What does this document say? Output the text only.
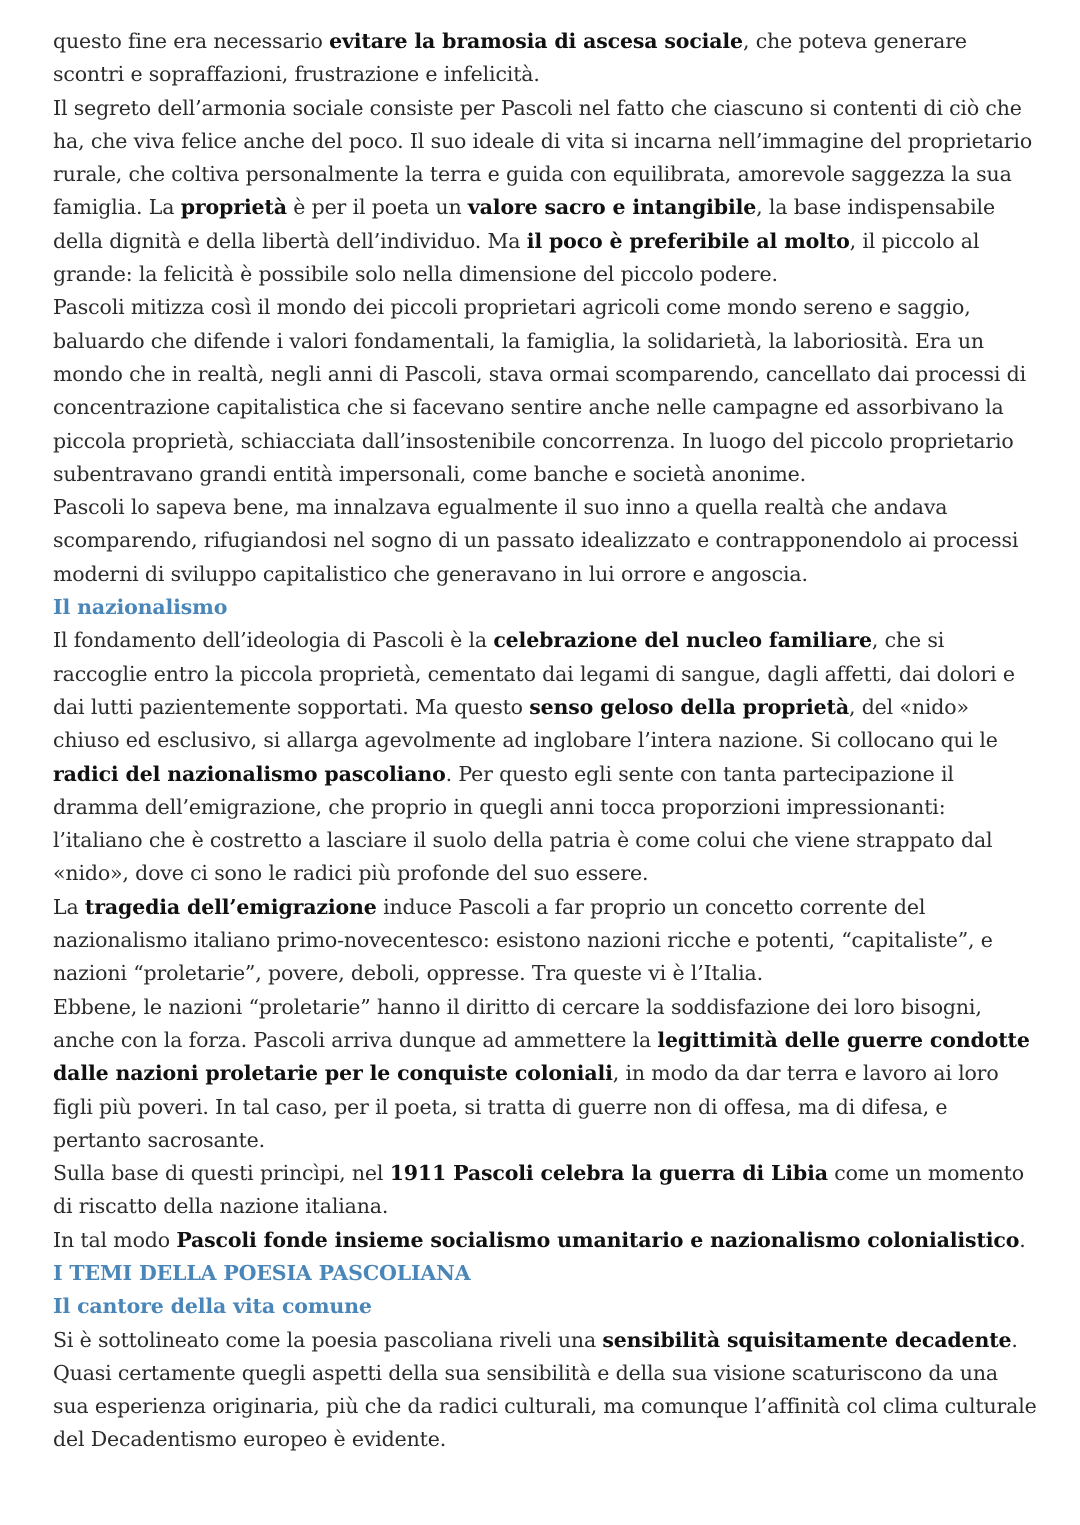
questo fine era necessario evitare la bramosia di ascesa sociale, che poteva generare scontri e sopraffazioni, frustrazione e infelicità.
Il segreto dell’armonia sociale consiste per Pascoli nel fatto che ciascuno si contenti di ciò che ha, che viva felice anche del poco. Il suo ideale di vita si incarna nell’immagine del proprietario rurale, che coltiva personalmente la terra e guida con equilibrata, amorevole saggezza la sua famiglia. La proprietà è per il poeta un valore sacro e intangibile, la base indispensabile della dignità e della libertà dell’individuo. Ma il poco è preferibile al molto, il piccolo al grande: la felicità è possibile solo nella dimensione del piccolo podere.
Pascoli mitizza così il mondo dei piccoli proprietari agricoli come mondo sereno e saggio, baluardo che difende i valori fondamentali, la famiglia, la solidarietà, la laboriosità. Era un mondo che in realtà, negli anni di Pascoli, stava ormai scomparendo, cancellato dai processi di concentrazione capitalistica che si facevano sentire anche nelle campagne ed assorbivano la piccola proprietà, schiacciata dall’insostenibile concorrenza. In luogo del piccolo proprietario subentravano grandi entità impersonali, come banche e società anonime.
Pascoli lo sapeva bene, ma innalzava egualmente il suo inno a quella realtà che andava scomparendo, rifugiandosi nel sogno di un passato idealizzato e contrapponendolo ai processi moderni di sviluppo capitalistico che generavano in lui orrore e angoscia.
Il nazionalismo
Il fondamento dell’ideologia di Pascoli è la celebrazione del nucleo familiare, che si raccoglie entro la piccola proprietà, cementato dai legami di sangue, dagli affetti, dai dolori e dai lutti pazientemente sopportati. Ma questo senso geloso della proprietà, del «nido» chiuso ed esclusivo, si allarga agevolmente ad inglobare l’intera nazione. Si collocano qui le radici del nazionalismo pascoliano. Per questo egli sente con tanta partecipazione il dramma dell’emigrazione, che proprio in quegli anni tocca proporzioni impressionanti: l’italiano che è costretto a lasciare il suolo della patria è come colui che viene strappato dal «nido», dove ci sono le radici più profonde del suo essere.
La tragedia dell’emigrazione induce Pascoli a far proprio un concetto corrente del nazionalismo italiano primo-novecentesco: esistono nazioni ricche e potenti, “capitaliste”, e nazioni “proletarie”, povere, deboli, oppresse. Tra queste vi è l’Italia.
Ebbene, le nazioni “proletarie” hanno il diritto di cercare la soddisfazione dei loro bisogni, anche con la forza. Pascoli arriva dunque ad ammettere la legittimità delle guerre condotte dalle nazioni proletarie per le conquiste coloniali, in modo da dar terra e lavoro ai loro figli più poveri. In tal caso, per il poeta, si tratta di guerre non di offesa, ma di difesa, e pertanto sacrosante.
Sulla base di questi princìpi, nel 1911 Pascoli celebra la guerra di Libia come un momento di riscatto della nazione italiana.
In tal modo Pascoli fonde insieme socialismo umanitario e nazionalismo colonialistico.
I TEMI DELLA POESIA PASCOLIANA
Il cantore della vita comune
Si è sottolineato come la poesia pascoliana riveli una sensibilità squisitamente decadente.
Quasi certamente quegli aspetti della sua sensibilità e della sua visione scaturiscono da una sua esperienza originaria, più che da radici culturali, ma comunque l’affinità col clima culturale del Decadentismo europeo è evidente.
